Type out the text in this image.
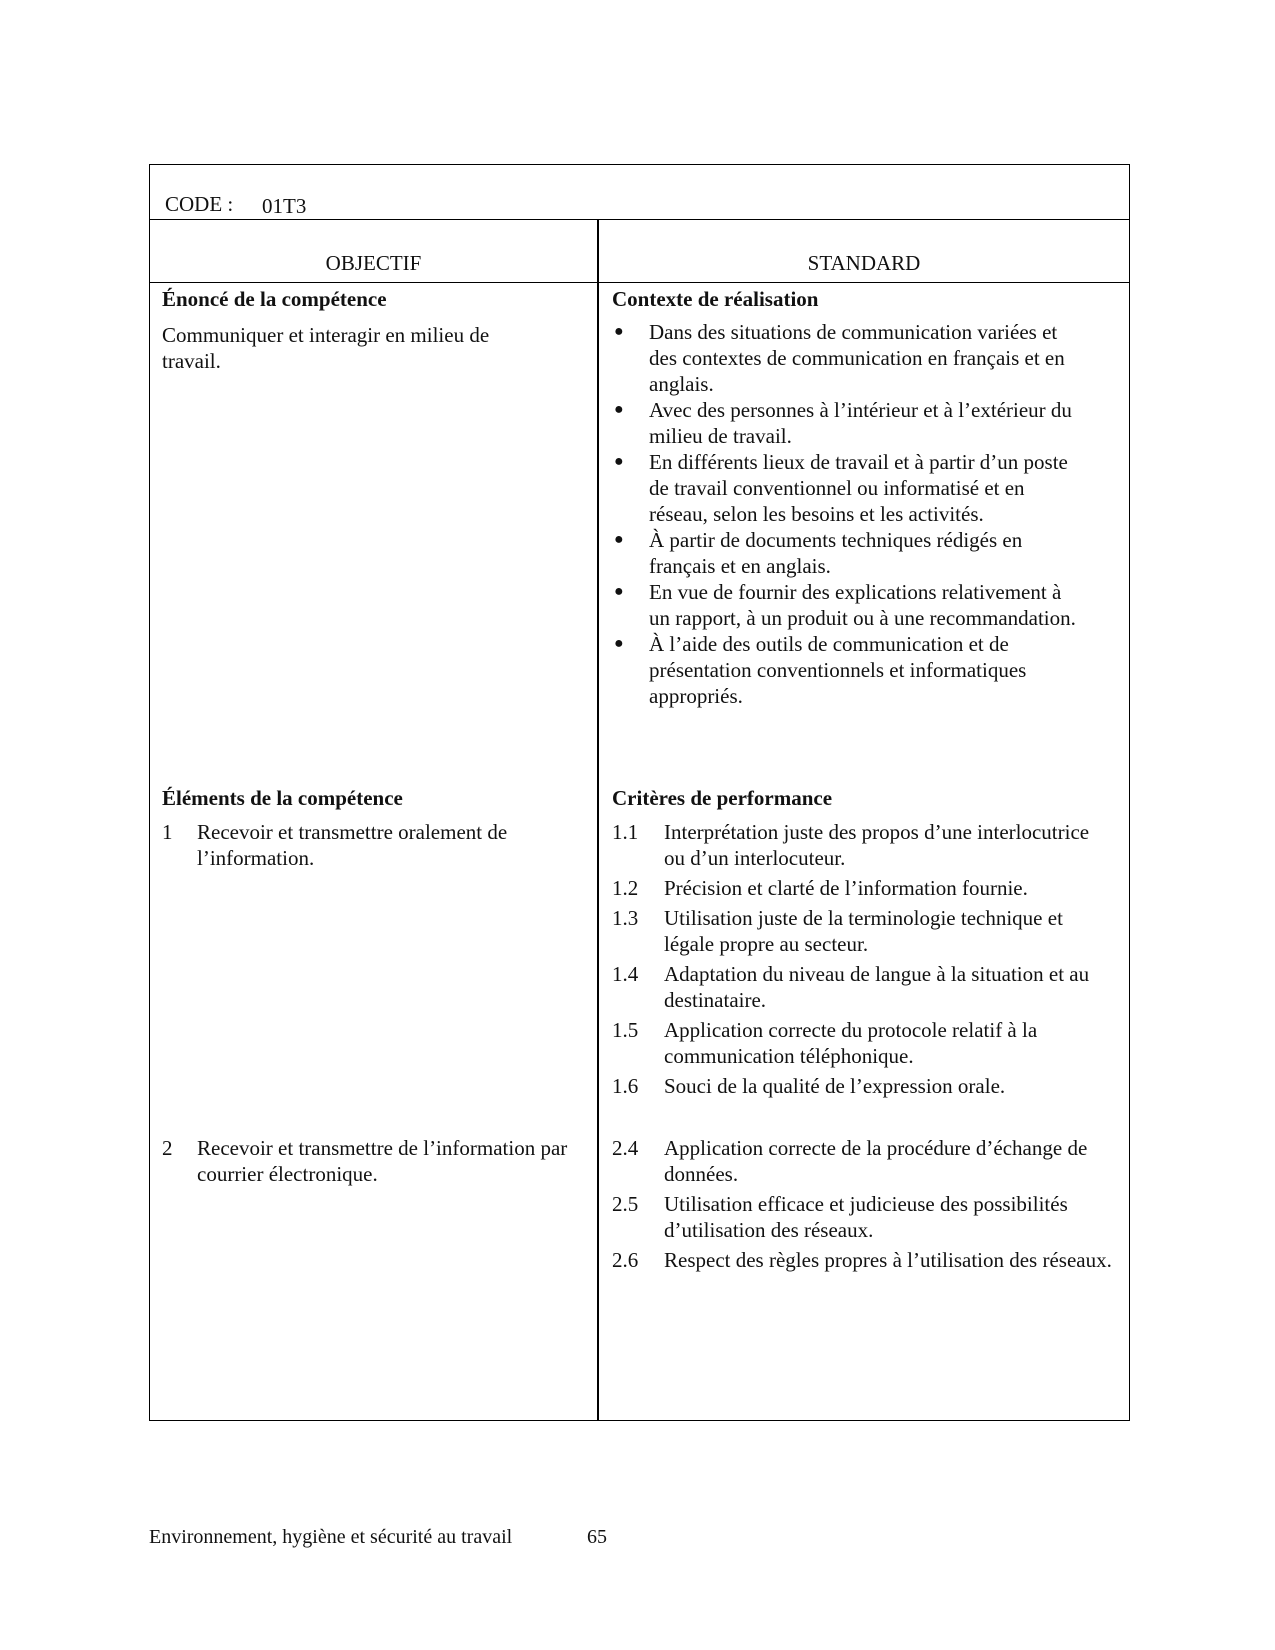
CODE : 01T3
OBJECTIF	STANDARD

Énoncé de la compétence

Communiquer et interagir en milieu de travail.

Contexte de réalisation

● Dans des situations de communication variées et des contextes de communication en français et en anglais.
● Avec des personnes à l’intérieur et à l’extérieur du milieu de travail.
● En différents lieux de travail et à partir d’un poste de travail conventionnel ou informatisé et en réseau, selon les besoins et les activités.
● À partir de documents techniques rédigés en français et en anglais.
● En vue de fournir des explications relativement à un rapport, à un produit ou à une recommandation.
● À l’aide des outils de communication et de présentation conventionnels et informatiques appropriés.

Éléments de la compétence

1 Recevoir et transmettre oralement de l’information.
2 Recevoir et transmettre de l’information par courrier électronique.

Critères de performance

1.1 Interprétation juste des propos d’une interlocutrice ou d’un interlocuteur.
1.2 Précision et clarté de l’information fournie.
1.3 Utilisation juste de la terminologie technique et légale propre au secteur.
1.4 Adaptation du niveau de langue à la situation et au destinataire.
1.5 Application correcte du protocole relatif à la communication téléphonique.
1.6 Souci de la qualité de l’expression orale.
2.4 Application correcte de la procédure d’échange de données.
2.5 Utilisation efficace et judicieuse des possibilités d’utilisation des réseaux.
2.6 Respect des règles propres à l’utilisation des réseaux.
Environnement, hygiène et sécurité au travail	65
